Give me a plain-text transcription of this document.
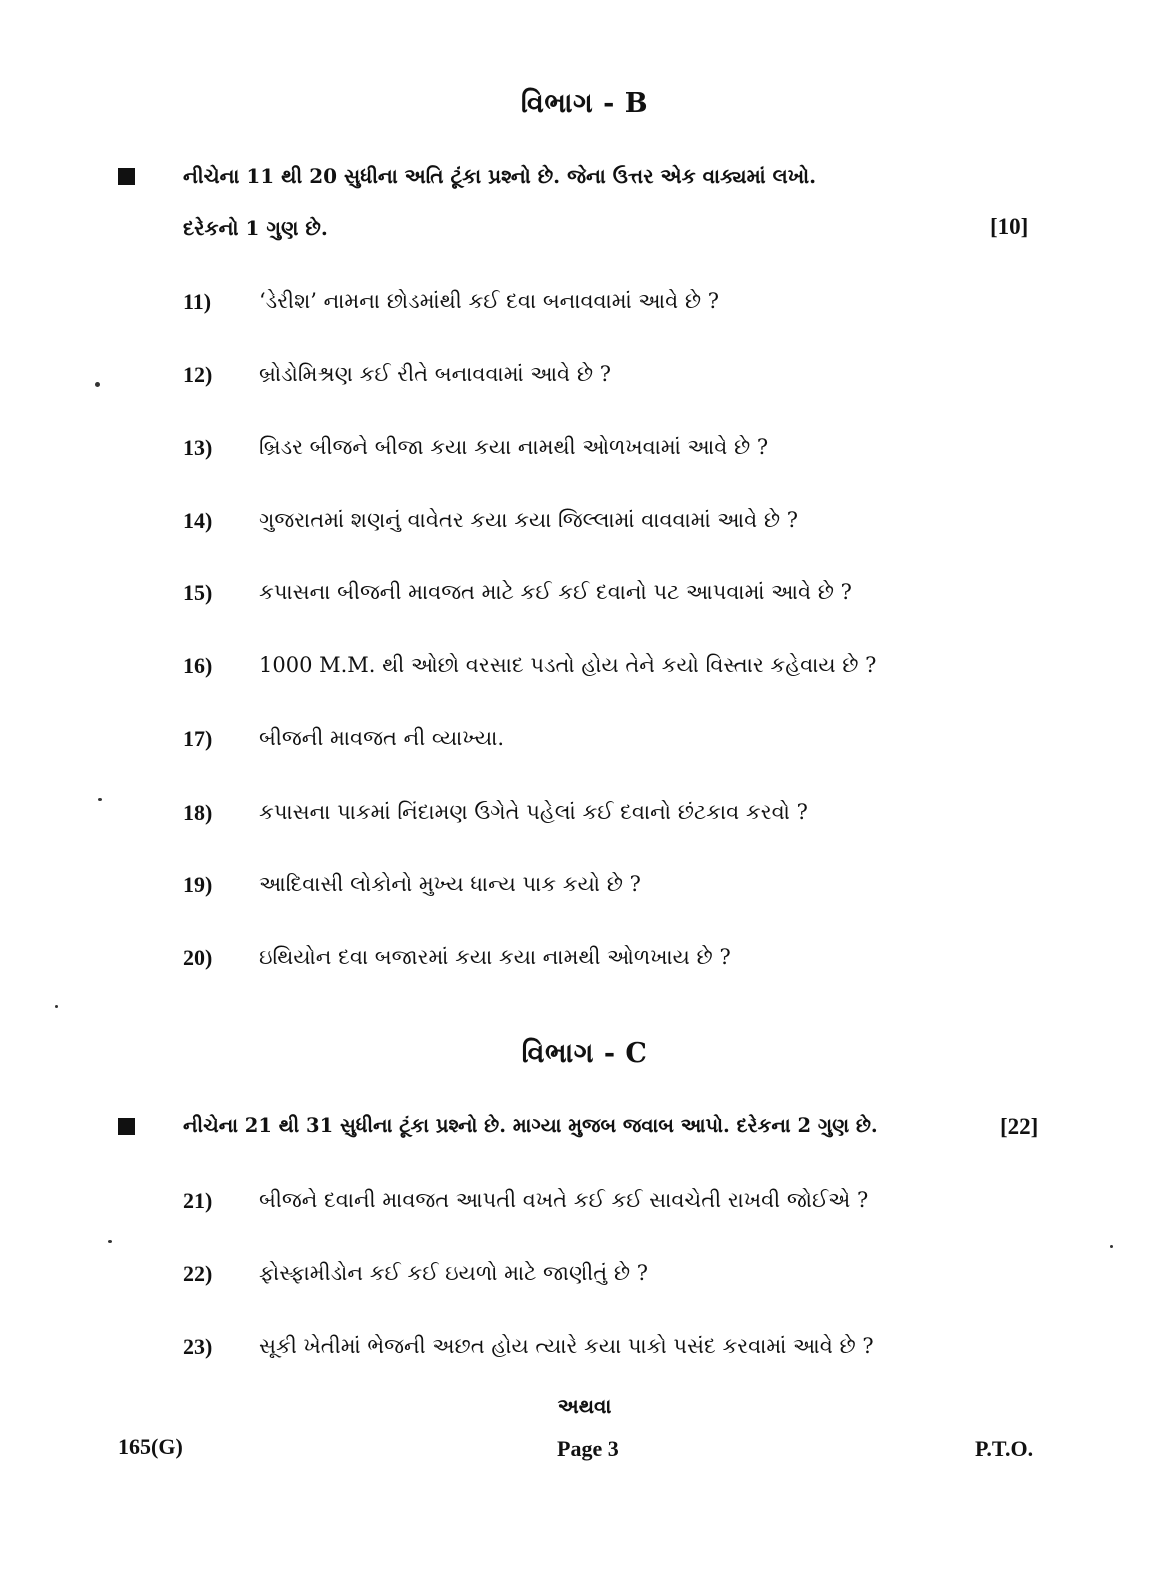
વિભાગ - B
નીચેના 11 થી 20 સુધીના અતિ ટૂંકા પ્રશ્નો છે. જેના ઉત્તર એક વાક્યમાં લખો.
દરેકનો 1 ગુણ છે.	[10]
11) ‘ડેરીશ’ નામના છોડમાંથી કઈ દવા બનાવવામાં આવે છે ?
12) બ્રોડોમિશ્રણ કઈ રીતે બનાવવામાં આવે છે ?
13) બ્રિડર બીજને બીજા કયા કયા નામથી ઓળખવામાં આવે છે ?
14) ગુજરાતમાં શણનું વાવેતર કયા કયા જિલ્લામાં વાવવામાં આવે છે ?
15) કપાસના બીજની માવજત માટે કઈ કઈ દવાનો પટ આપવામાં આવે છે ?
16) 1000 M.M. થી ઓછો વરસાદ પડતો હોય તેને કયો વિસ્તાર કહેવાય છે ?
17) બીજની માવજત ની વ્યાખ્યા.
18) કપાસના પાકમાં નિંદામણ ઉગેતે પહેલાં કઈ દવાનો છંટકાવ કરવો ?
19) આદિવાસી લોકોનો મુખ્ય ધાન્ય પાક કયો છે ?
20) ઇથિયોન દવા બજારમાં કયા કયા નામથી ઓળખાય છે ?
વિભાગ - C
નીચેના 21 થી 31 સુધીના ટૂંકા પ્રશ્નો છે. માગ્યા મુજબ જવાબ આપો. દરેકના 2 ગુણ છે.	[22]
21) બીજને દવાની માવજત આપતી વખતે કઈ કઈ સાવચેતી રાખવી જોઈએ ?
22) ફોસ્ફામીડોન કઈ કઈ ઇયળો માટે જાણીતું છે ?
23) સૂકી ખેતીમાં ભેજની અછત હોય ત્યારે કયા પાકો પસંદ કરવામાં આવે છે ?
અથવા
165(G)	Page 3	P.T.O.
